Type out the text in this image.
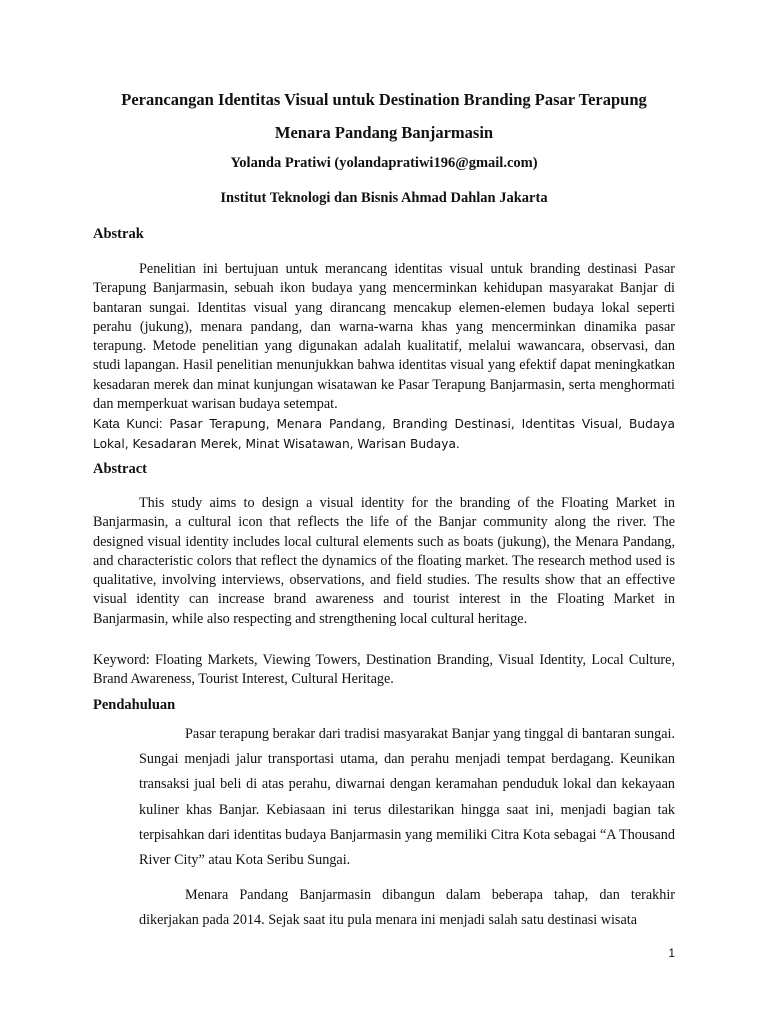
Perancangan Identitas Visual untuk Destination Branding Pasar Terapung
Menara Pandang Banjarmasin

Yolanda Pratiwi (yolandapratiwi196@gmail.com)

Institut Teknologi dan Bisnis Ahmad Dahlan Jakarta

Abstrak

Penelitian ini bertujuan untuk merancang identitas visual untuk branding destinasi Pasar Terapung Banjarmasin, sebuah ikon budaya yang mencerminkan kehidupan masyarakat Banjar di bantaran sungai. Identitas visual yang dirancang mencakup elemen-elemen budaya lokal seperti perahu (jukung), menara pandang, dan warna-warna khas yang mencerminkan dinamika pasar terapung. Metode penelitian yang digunakan adalah kualitatif, melalui wawancara, observasi, dan studi lapangan. Hasil penelitian menunjukkan bahwa identitas visual yang efektif dapat meningkatkan kesadaran merek dan minat kunjungan wisatawan ke Pasar Terapung Banjarmasin, serta menghormati dan memperkuat warisan budaya setempat.

Kata Kunci: Pasar Terapung, Menara Pandang, Branding Destinasi, Identitas Visual, Budaya Lokal, Kesadaran Merek, Minat Wisatawan, Warisan Budaya.

Abstract

This study aims to design a visual identity for the branding of the Floating Market in Banjarmasin, a cultural icon that reflects the life of the Banjar community along the river. The designed visual identity includes local cultural elements such as boats (jukung), the Menara Pandang, and characteristic colors that reflect the dynamics of the floating market. The research method used is qualitative, involving interviews, observations, and field studies. The results show that an effective visual identity can increase brand awareness and tourist interest in the Floating Market in Banjarmasin, while also respecting and strengthening local cultural heritage.

Keyword: Floating Markets, Viewing Towers, Destination Branding, Visual Identity, Local Culture, Brand Awareness, Tourist Interest, Cultural Heritage.

Pendahuluan

Pasar terapung berakar dari tradisi masyarakat Banjar yang tinggal di bantaran sungai. Sungai menjadi jalur transportasi utama, dan perahu menjadi tempat berdagang. Keunikan transaksi jual beli di atas perahu, diwarnai dengan keramahan penduduk lokal dan kekayaan kuliner khas Banjar. Kebiasaan ini terus dilestarikan hingga saat ini, menjadi bagian tak terpisahkan dari identitas budaya Banjarmasin yang memiliki Citra Kota sebagai “A Thousand River City” atau Kota Seribu Sungai.

Menara Pandang Banjarmasin dibangun dalam beberapa tahap, dan terakhir dikerjakan pada 2014. Sejak saat itu pula menara ini menjadi salah satu destinasi wisata

1
